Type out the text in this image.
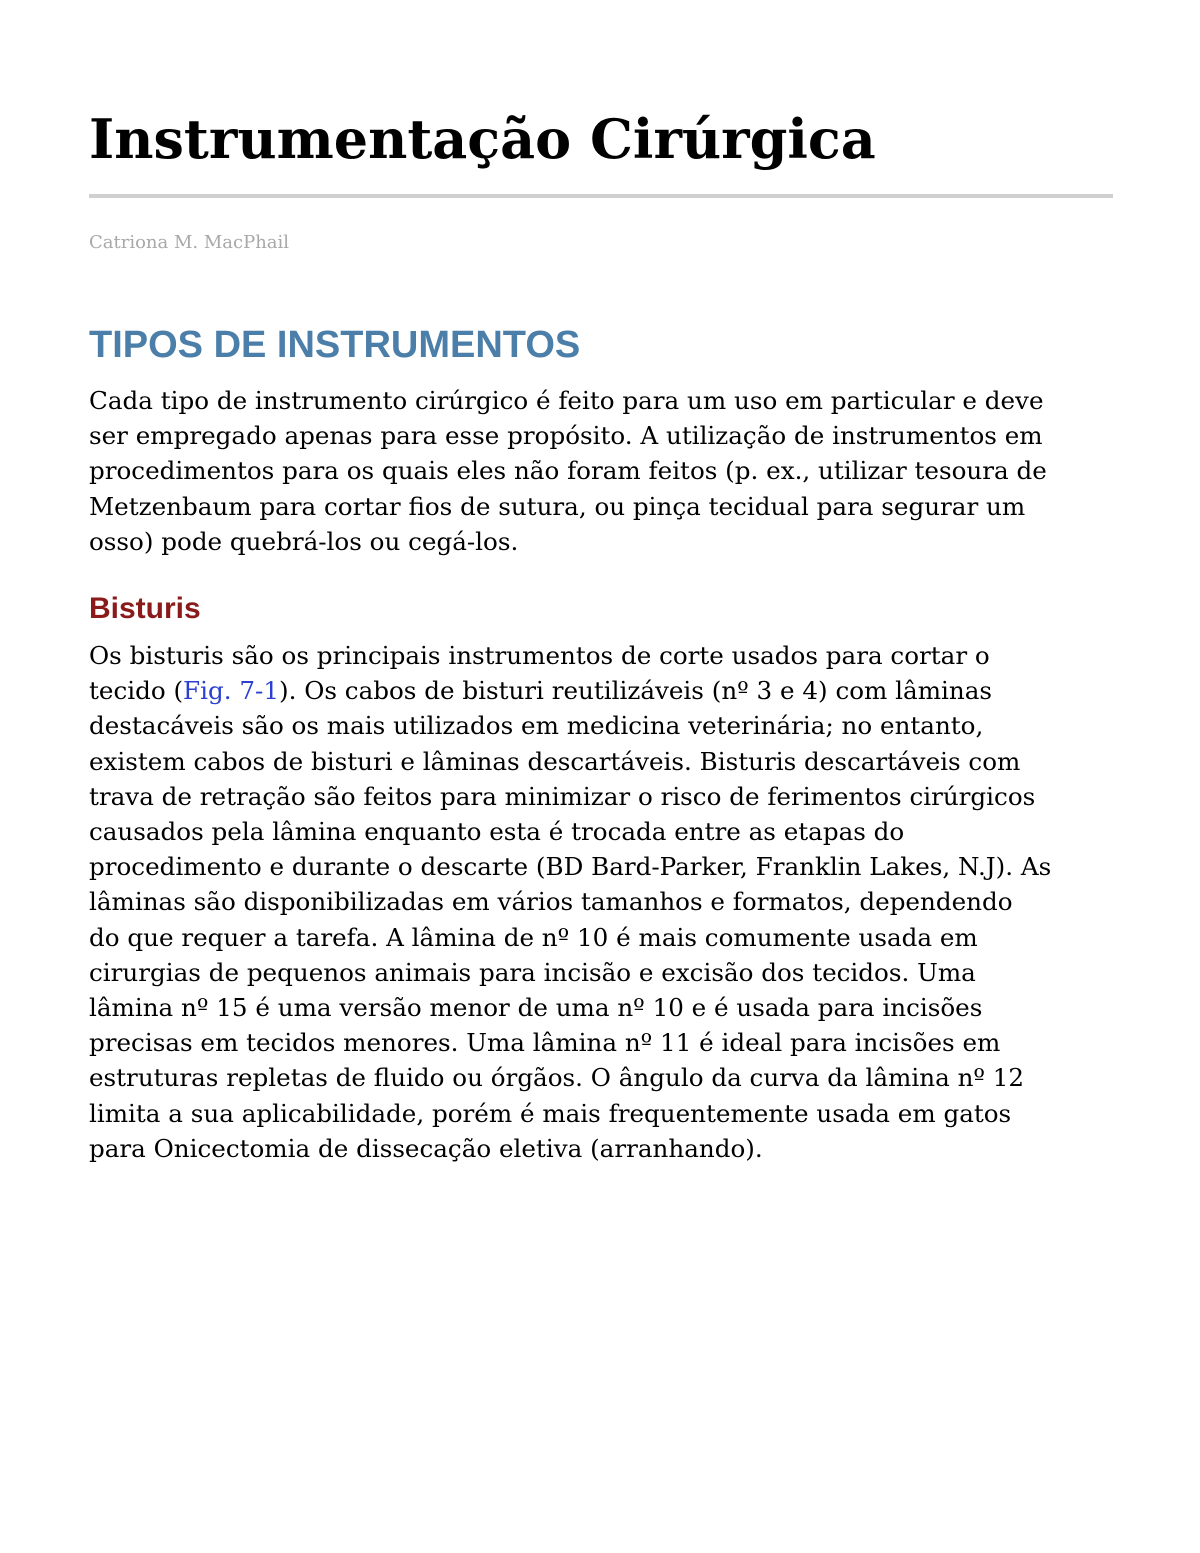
Instrumentação Cirúrgica
Catriona M. MacPhail
TIPOS DE INSTRUMENTOS

Cada tipo de instrumento cirúrgico é feito para um uso em particular e deve
ser empregado apenas para esse propósito. A utilização de instrumentos em
procedimentos para os quais eles não foram feitos (p. ex., utilizar tesoura de
Metzenbaum para cortar fios de sutura, ou pinça tecidual para segurar um
osso) pode quebrá-los ou cegá-los.

Bisturis

Os bisturis são os principais instrumentos de corte usados para cortar o
tecido (Fig. 7-1). Os cabos de bisturi reutilizáveis (nº 3 e 4) com lâminas
destacáveis são os mais utilizados em medicina veterinária; no entanto,
existem cabos de bisturi e lâminas descartáveis. Bisturis descartáveis com
trava de retração são feitos para minimizar o risco de ferimentos cirúrgicos
causados pela lâmina enquanto esta é trocada entre as etapas do
procedimento e durante o descarte (BD Bard-Parker, Franklin Lakes, N.J). As
lâminas são disponibilizadas em vários tamanhos e formatos, dependendo
do que requer a tarefa. A lâmina de nº 10 é mais comumente usada em
cirurgias de pequenos animais para incisão e excisão dos tecidos. Uma
lâmina nº 15 é uma versão menor de uma nº 10 e é usada para incisões
precisas em tecidos menores. Uma lâmina nº 11 é ideal para incisões em
estruturas repletas de fluido ou órgãos. O ângulo da curva da lâmina nº 12
limita a sua aplicabilidade, porém é mais frequentemente usada em gatos
para Onicectomia de dissecação eletiva (arranhando).
